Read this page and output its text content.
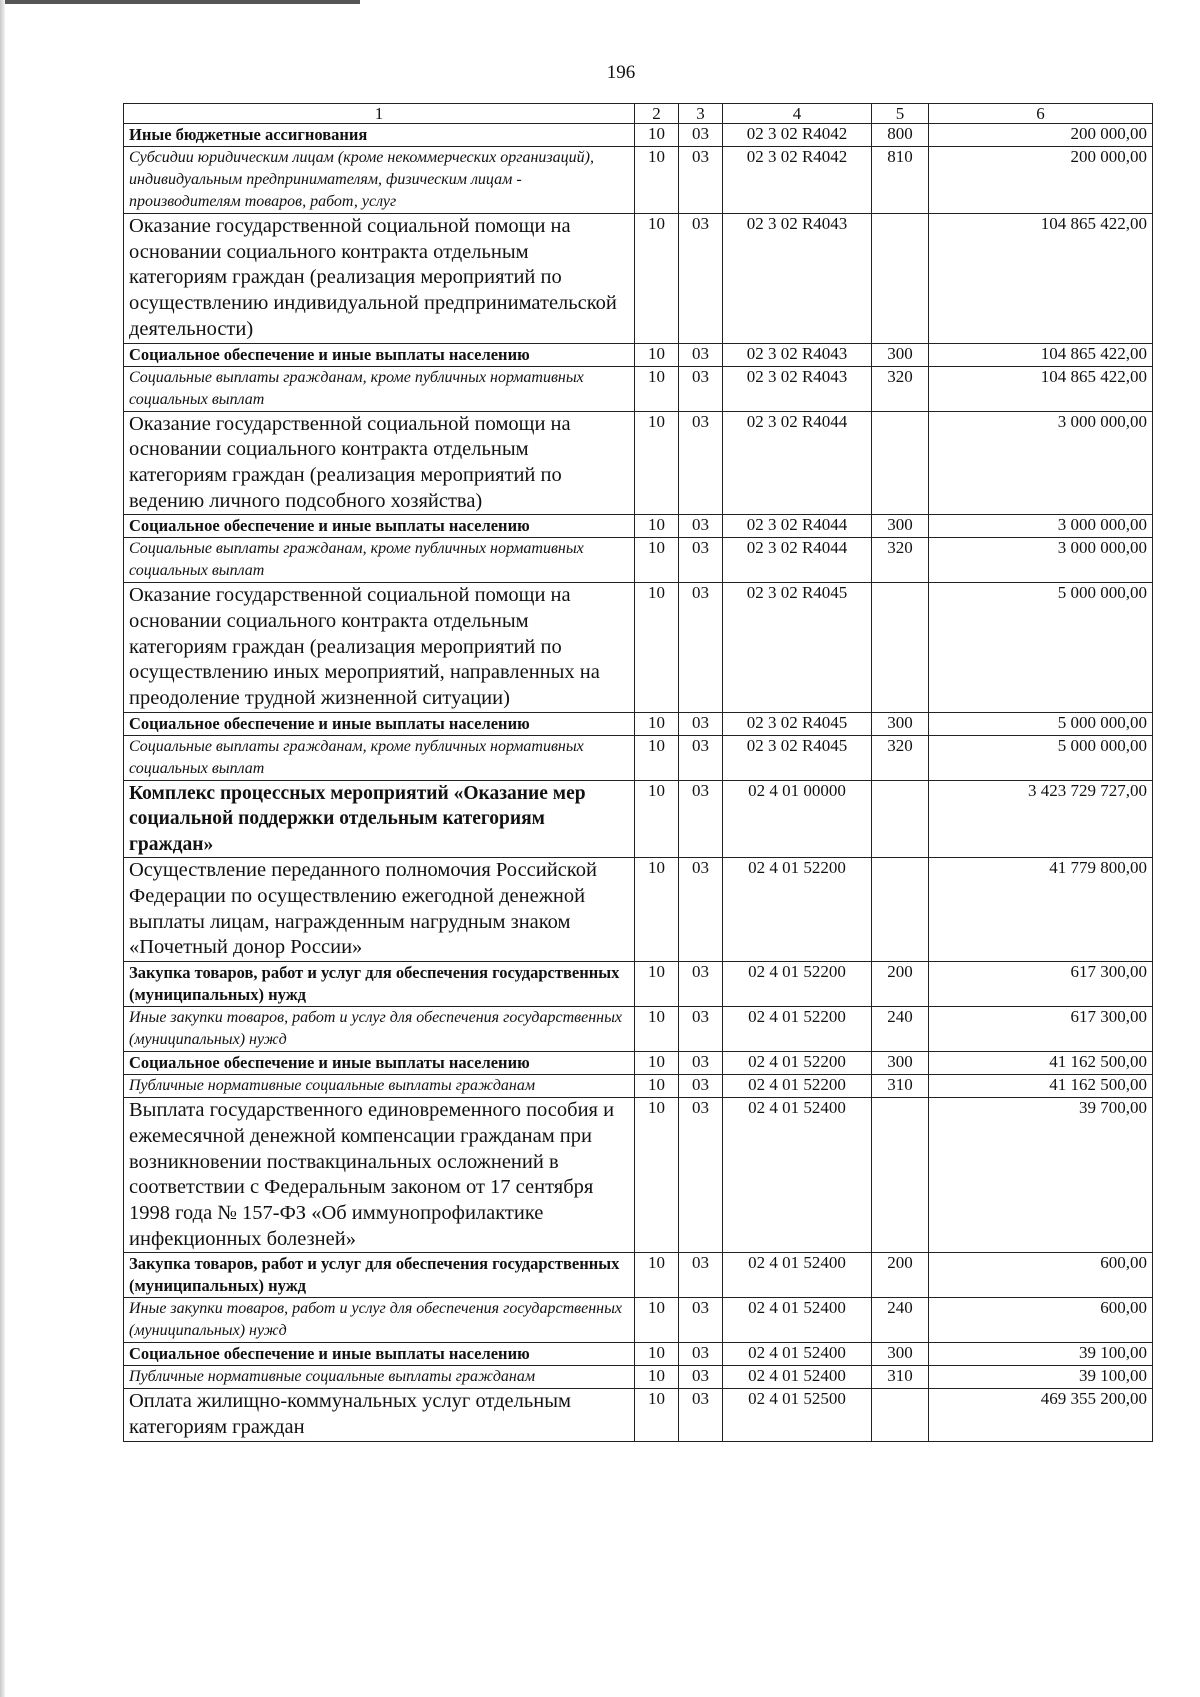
196
1	2	3	4	5	6
Иные бюджетные ассигнования	10	03	02 3 02 R4042	800	200 000,00
Субсидии юридическим лицам (кроме некоммерческих организаций), индивидуальным предпринимателям, физическим лицам - производителям товаров, работ, услуг	10	03	02 3 02 R4042	810	200 000,00
Оказание государственной социальной помощи на основании социального контракта отдельным категориям граждан (реализация мероприятий по осуществлению индивидуальной предпринимательской деятельности)	10	03	02 3 02 R4043		104 865 422,00
Социальное обеспечение и иные выплаты населению	10	03	02 3 02 R4043	300	104 865 422,00
Социальные выплаты гражданам, кроме публичных нормативных социальных выплат	10	03	02 3 02 R4043	320	104 865 422,00
Оказание государственной социальной помощи на основании социального контракта отдельным категориям граждан (реализация мероприятий по ведению личного подсобного хозяйства)	10	03	02 3 02 R4044		3 000 000,00
Социальное обеспечение и иные выплаты населению	10	03	02 3 02 R4044	300	3 000 000,00
Социальные выплаты гражданам, кроме публичных нормативных социальных выплат	10	03	02 3 02 R4044	320	3 000 000,00
Оказание государственной социальной помощи на основании социального контракта отдельным категориям граждан (реализация мероприятий по осуществлению иных мероприятий, направленных на преодоление трудной жизненной ситуации)	10	03	02 3 02 R4045		5 000 000,00
Социальное обеспечение и иные выплаты населению	10	03	02 3 02 R4045	300	5 000 000,00
Социальные выплаты гражданам, кроме публичных нормативных социальных выплат	10	03	02 3 02 R4045	320	5 000 000,00
Комплекс процессных мероприятий «Оказание мер социальной поддержки отдельным категориям граждан»	10	03	02 4 01 00000		3 423 729 727,00
Осуществление переданного полномочия Российской Федерации по осуществлению ежегодной денежной выплаты лицам, награжденным нагрудным знаком «Почетный донор России»	10	03	02 4 01 52200		41 779 800,00
Закупка товаров, работ и услуг для обеспечения государственных (муниципальных) нужд	10	03	02 4 01 52200	200	617 300,00
Иные закупки товаров, работ и услуг для обеспечения государственных (муниципальных) нужд	10	03	02 4 01 52200	240	617 300,00
Социальное обеспечение и иные выплаты населению	10	03	02 4 01 52200	300	41 162 500,00
Публичные нормативные социальные выплаты гражданам	10	03	02 4 01 52200	310	41 162 500,00
Выплата государственного единовременного пособия и ежемесячной денежной компенсации гражданам при возникновении поствакцинальных осложнений в соответствии с Федеральным законом от 17 сентября 1998 года № 157-ФЗ «Об иммунопрофилактике инфекционных болезней»	10	03	02 4 01 52400		39 700,00
Закупка товаров, работ и услуг для обеспечения государственных (муниципальных) нужд	10	03	02 4 01 52400	200	600,00
Иные закупки товаров, работ и услуг для обеспечения государственных (муниципальных) нужд	10	03	02 4 01 52400	240	600,00
Социальное обеспечение и иные выплаты населению	10	03	02 4 01 52400	300	39 100,00
Публичные нормативные социальные выплаты гражданам	10	03	02 4 01 52400	310	39 100,00
Оплата жилищно-коммунальных услуг отдельным категориям граждан	10	03	02 4 01 52500		469 355 200,00
